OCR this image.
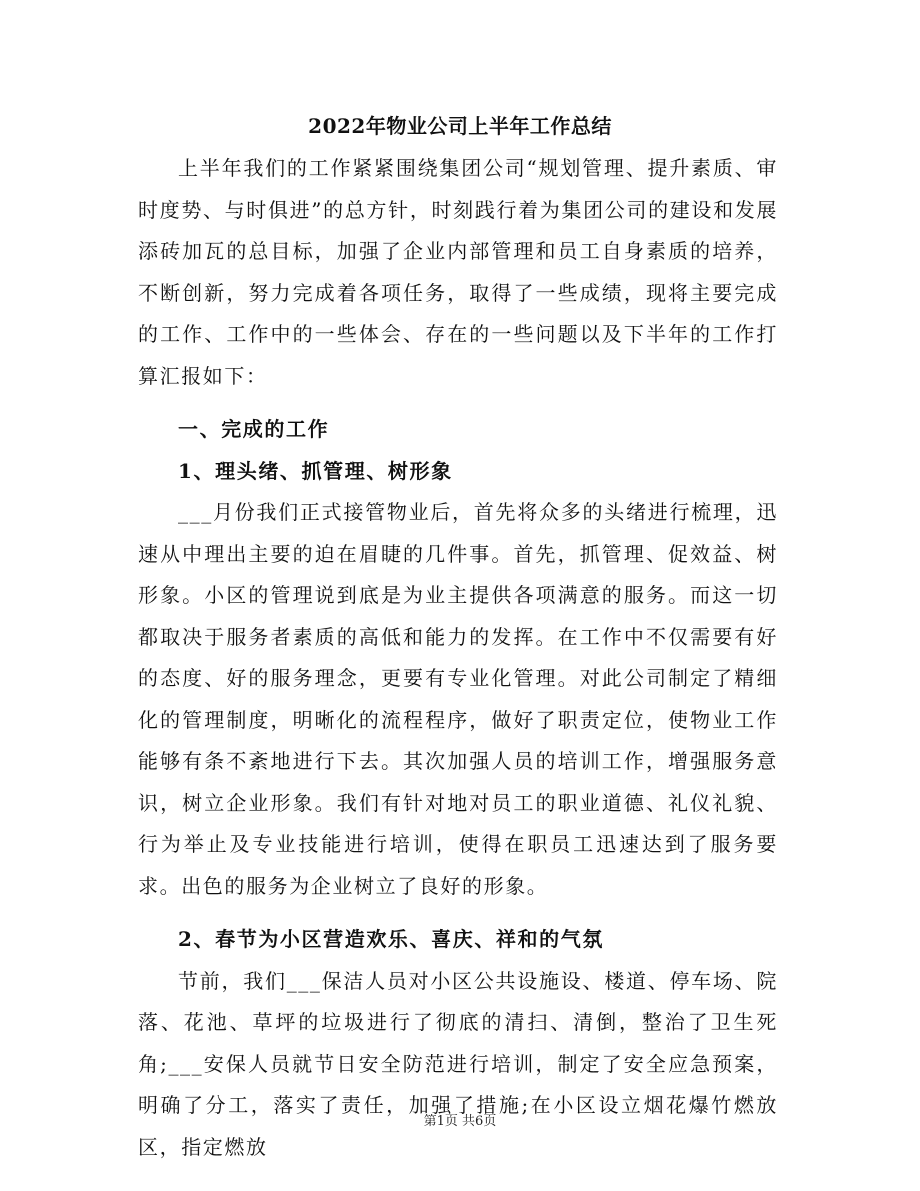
2022年物业公司上半年工作总结

上半年我们的工作紧紧围绕集团公司“规划管理、提升素质、审时度势、与时俱进”的总方针，时刻践行着为集团公司的建设和发展添砖加瓦的总目标，加强了企业内部管理和员工自身素质的培养，不断创新，努力完成着各项任务，取得了一些成绩，现将主要完成的工作、工作中的一些体会、存在的一些问题以及下半年的工作打算汇报如下：

一、完成的工作

1、理头绪、抓管理、树形象

___月份我们正式接管物业后，首先将众多的头绪进行梳理，迅速从中理出主要的迫在眉睫的几件事。首先，抓管理、促效益、树形象。小区的管理说到底是为业主提供各项满意的服务。而这一切都取决于服务者素质的高低和能力的发挥。在工作中不仅需要有好的态度、好的服务理念，更要有专业化管理。对此公司制定了精细化的管理制度，明晰化的流程程序，做好了职责定位，使物业工作能够有条不紊地进行下去。其次加强人员的培训工作，增强服务意识，树立企业形象。我们有针对地对员工的职业道德、礼仪礼貌、行为举止及专业技能进行培训，使得在职员工迅速达到了服务要求。出色的服务为企业树立了良好的形象。

2、春节为小区营造欢乐、喜庆、祥和的气氛

节前，我们___保洁人员对小区公共设施设、楼道、停车场、院落、花池、草坪的垃圾进行了彻底的清扫、清倒，整治了卫生死角;___安保人员就节日安全防范进行培训，制定了安全应急预案，明确了分工，落实了责任，加强了措施;在小区设立烟花爆竹燃放区，指定燃放

第1页 共6页
